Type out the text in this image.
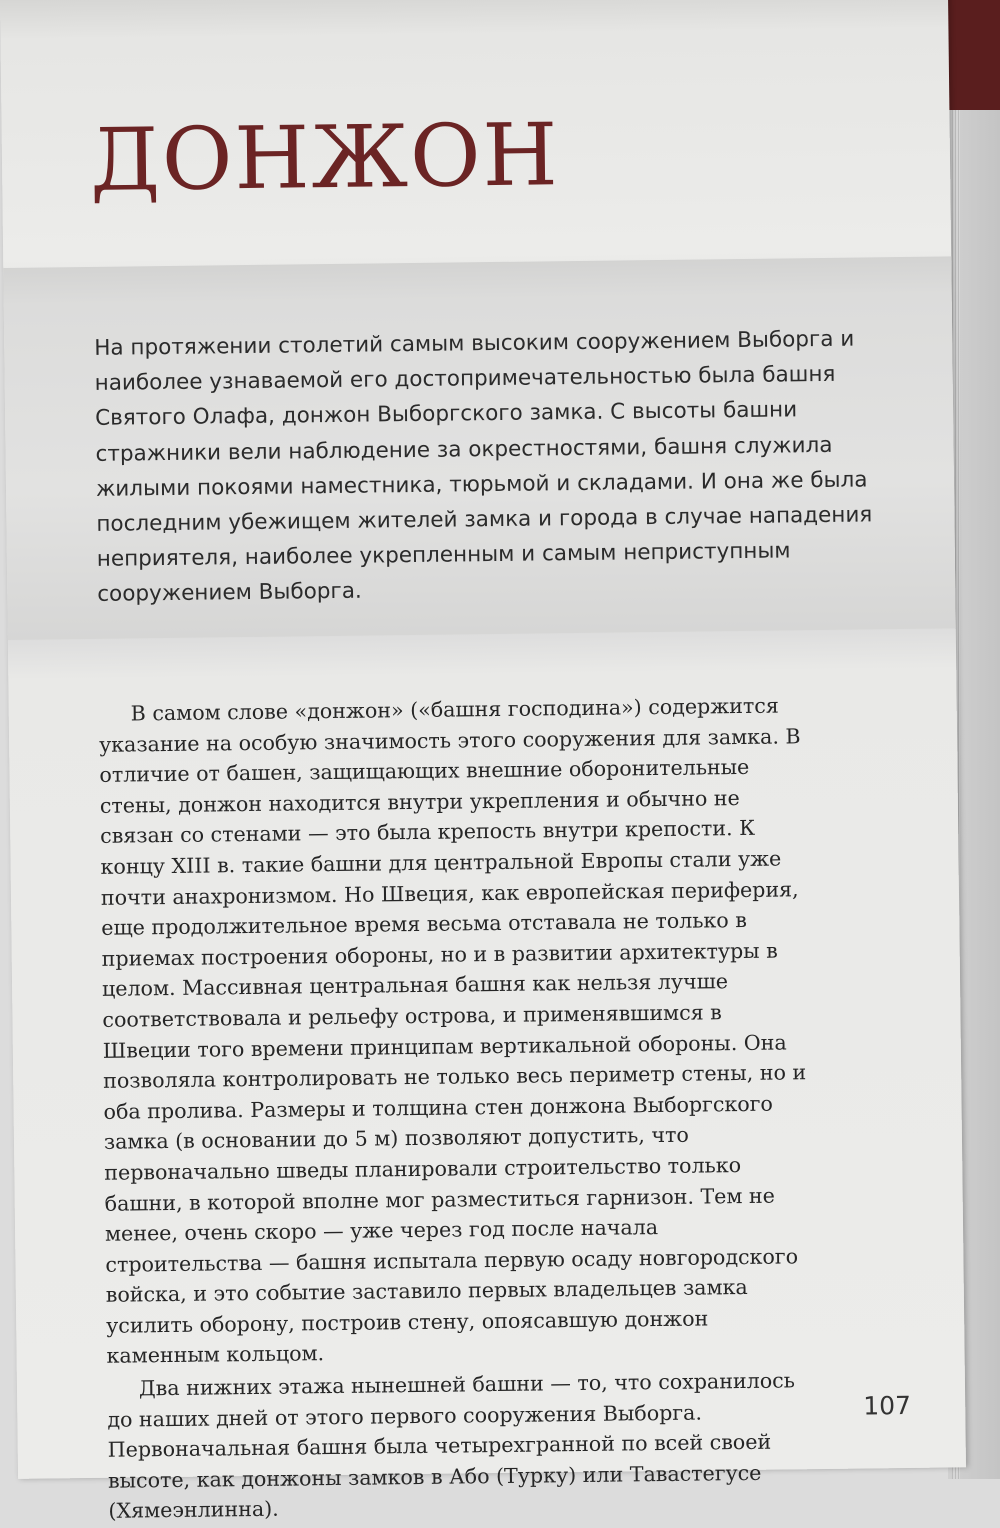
ДОНЖОН

На протяжении столетий самым высоким сооружением Выборга и наиболее узнаваемой его достопримечательностью была башня Святого Олафа, донжон Выборгского замка. С высоты башни стражники вели наблюдение за окрестностями, башня служила жилыми покоями наместника, тюрьмой и складами. И она же была последним убежищем жителей замка и города в случае нападения неприятеля, наиболее укрепленным и самым неприступным сооружением Выборга.

В самом слове «донжон» («башня господина») содержится указание на особую значимость этого сооружения для замка. В отличие от башен, защищающих внешние оборонительные стены, донжон находится внутри укрепления и обычно не связан со стенами — это была крепость внутри крепости. К концу XIII в. такие башни для центральной Европы стали уже почти анахронизмом. Но Швеция, как европейская периферия, еще продолжительное время весьма отставала не только в приемах построения обороны, но и в развитии архитектуры в целом. Массивная центральная башня как нельзя лучше соответствовала и рельефу острова, и применявшимся в Швеции того времени принципам вертикальной обороны. Она позволяла контролировать не только весь периметр стены, но и оба пролива. Размеры и толщина стен донжона Выборгского замка (в основании до 5 м) позволяют допустить, что первоначально шведы планировали строительство только башни, в которой вполне мог разместиться гарнизон. Тем не менее, очень скоро — уже через год после начала строительства — башня испытала первую осаду новгородского войска, и это событие заставило первых владельцев замка усилить оборону, построив стену, опоясавшую донжон каменным кольцом.

Два нижних этажа нынешней башни — то, что сохранилось до наших дней от этого первого сооружения Выборга. Первоначальная башня была четырехгранной по всей своей высоте, как донжоны замков в Або (Турку) или Тавастегусе (Хямеэнлинна).

107
